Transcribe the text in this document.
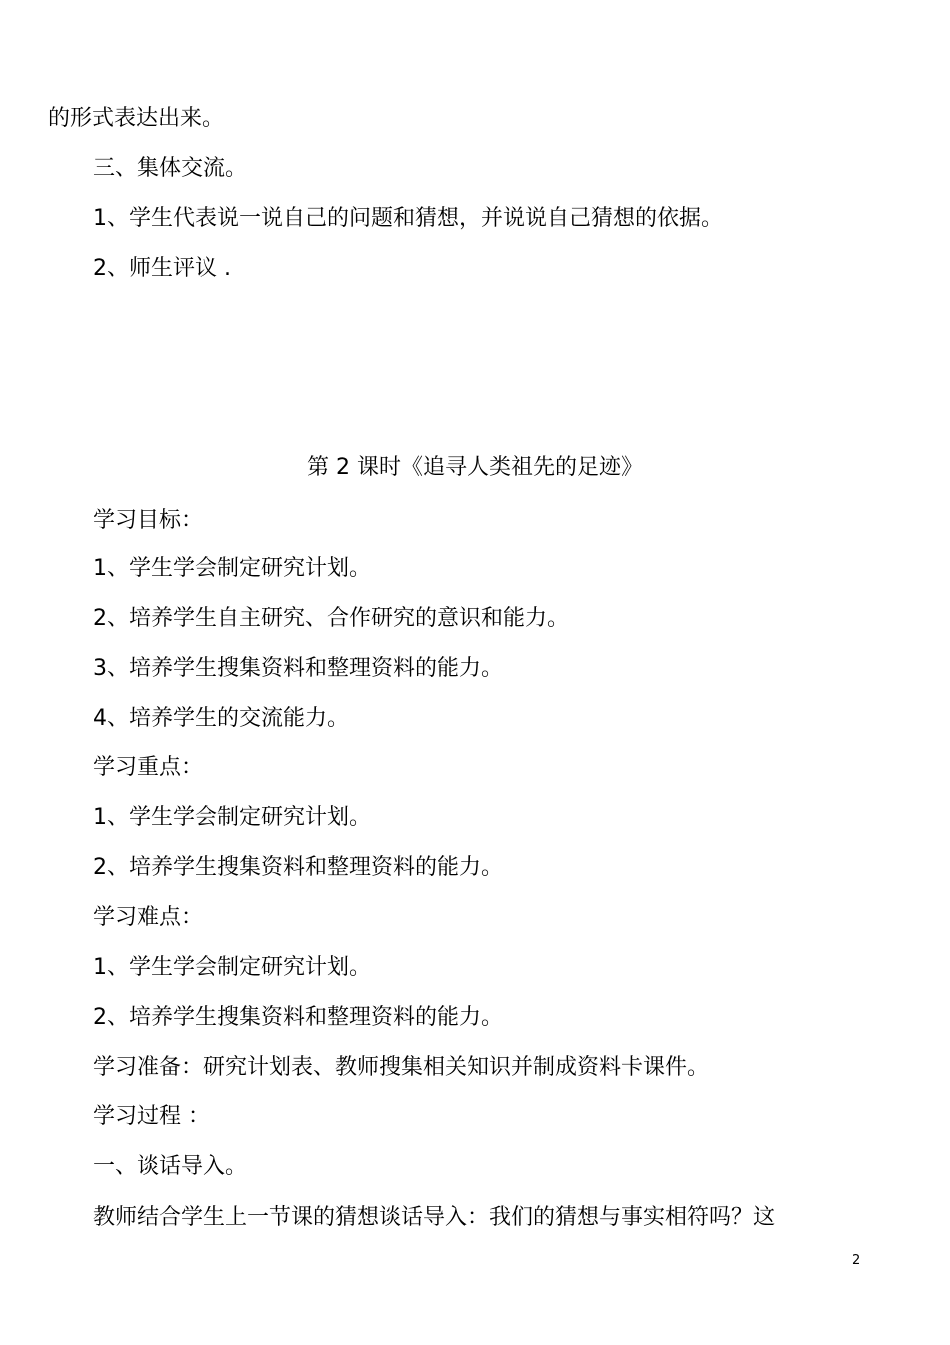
的形式表达出来。
三、集体交流。
1、学生代表说一说自己的问题和猜想，并说说自己猜想的依据。
2、师生评议 .
第 2 课时《追寻人类祖先的足迹》
学习目标：
1、学生学会制定研究计划。
2、培养学生自主研究、合作研究的意识和能力。
3、培养学生搜集资料和整理资料的能力。
4、培养学生的交流能力。
学习重点：
1、学生学会制定研究计划。
2、培养学生搜集资料和整理资料的能力。
学习难点：
1、学生学会制定研究计划。
2、培养学生搜集资料和整理资料的能力。
学习准备：研究计划表、教师搜集相关知识并制成资料卡课件。
学习过程 ：
一、谈话导入。
教师结合学生上一节课的猜想谈话导入：我们的猜想与事实相符吗？这
2
